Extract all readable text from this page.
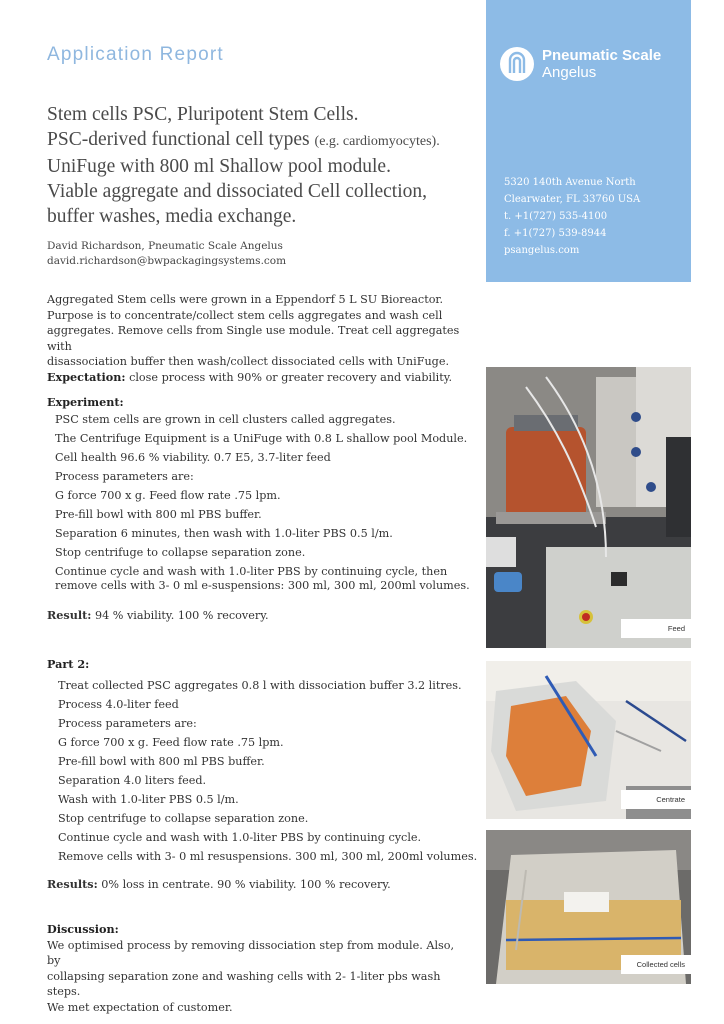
Application Report
Stem cells PSC, Pluripotent Stem Cells.
PSC-derived functional cell types (e.g. cardiomyocytes).
UniFuge with 800 ml Shallow pool module.
Viable aggregate and dissociated Cell collection,
buffer washes, media exchange.
David Richardson, Pneumatic Scale Angelus
david.richardson@bwpackagingsystems.com
Aggregated Stem cells were grown in a Eppendorf 5 L SU Bioreactor.
Purpose is to concentrate/collect stem cells aggregates and wash cell
aggregates. Remove cells from Single use module. Treat cell aggregates with
disassociation buffer then wash/collect dissociated cells with UniFuge.
Expectation: close process with 90% or greater recovery and viability.
Experiment:
PSC stem cells are grown in cell clusters called aggregates.
The Centrifuge Equipment is a UniFuge with 0.8 L shallow pool Module.
Cell health 96.6 % viability. 0.7 E5, 3.7-liter feed
Process parameters are:
G force 700 x g. Feed flow rate .75 lpm.
Pre-fill bowl with 800 ml PBS buffer.
Separation 6 minutes, then wash with 1.0-liter PBS 0.5 l/m.
Stop centrifuge to collapse separation zone.
Continue cycle and wash with 1.0-liter PBS by continuing cycle, then
remove cells with 3- 0 ml e-suspensions: 300 ml, 300 ml, 200ml volumes.
Result: 94 % viability. 100 % recovery.
Part 2:
Treat collected PSC aggregates 0.8 l with dissociation buffer 3.2 litres.
Process 4.0-liter feed
Process parameters are:
G force 700 x g. Feed flow rate .75 lpm.
Pre-fill bowl with 800 ml PBS buffer.
Separation 4.0 liters feed.
Wash with 1.0-liter PBS 0.5 l/m.
Stop centrifuge to collapse separation zone.
Continue cycle and wash with 1.0-liter PBS by continuing cycle.
Remove cells with 3- 0 ml resuspensions. 300 ml, 300 ml, 200ml volumes.
Results: 0% loss in centrate. 90 % viability. 100 % recovery.
Discussion:
We optimised process by removing dissociation step from module. Also, by
collapsing separation zone and washing cells with 2- 1-liter pbs wash steps.
We met expectation of customer.
Pneumatic Scale
Angelus
5320 140th Avenue North
Clearwater, FL 33760 USA
t. +1(727) 535-4100
f. +1(727) 539-8944
psangelus.com
Feed
Centrate
Collected cells
